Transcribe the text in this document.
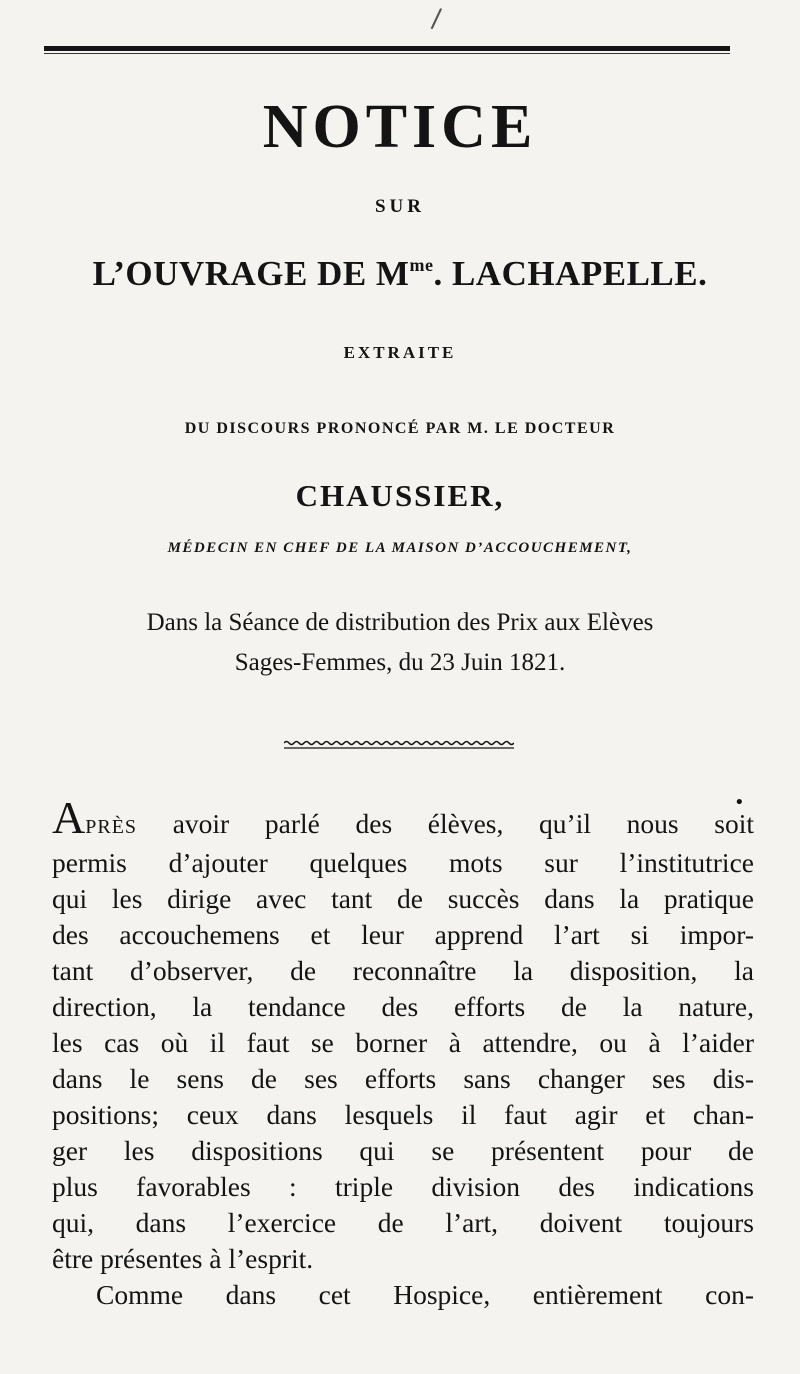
/
NOTICE
SUR
L’OUVRAGE DE $M^{me}$. LACHAPELLE.
EXTRAITE
DU DISCOURS PRONONCÉ PAR M. LE DOCTEUR
CHAUSSIER,
MÉDECIN EN CHEF DE LA MAISON D’ACCOUCHEMENT,
Dans la Séance de distribution des Prix aux Elèves
Sages-Femmes, du 23 Juin 1821.
•
APRÈS avoir parlé des élèves, qu’il nous soit
permis d’ajouter quelques mots sur l’institutrice
qui les dirige avec tant de succès dans la pratique
des accouchemens et leur apprend l’art si impor-
tant d’observer, de reconnaître la disposition, la
direction, la tendance des efforts de la nature,
les cas où il faut se borner à attendre, ou à l’aider
dans le sens de ses efforts sans changer ses dis-
positions; ceux dans lesquels il faut agir et chan-
ger les dispositions qui se présentent pour de
plus favorables : triple division des indications
qui, dans l’exercice de l’art, doivent toujours
être présentes à l’esprit.
Comme dans cet Hospice, entièrement con-
